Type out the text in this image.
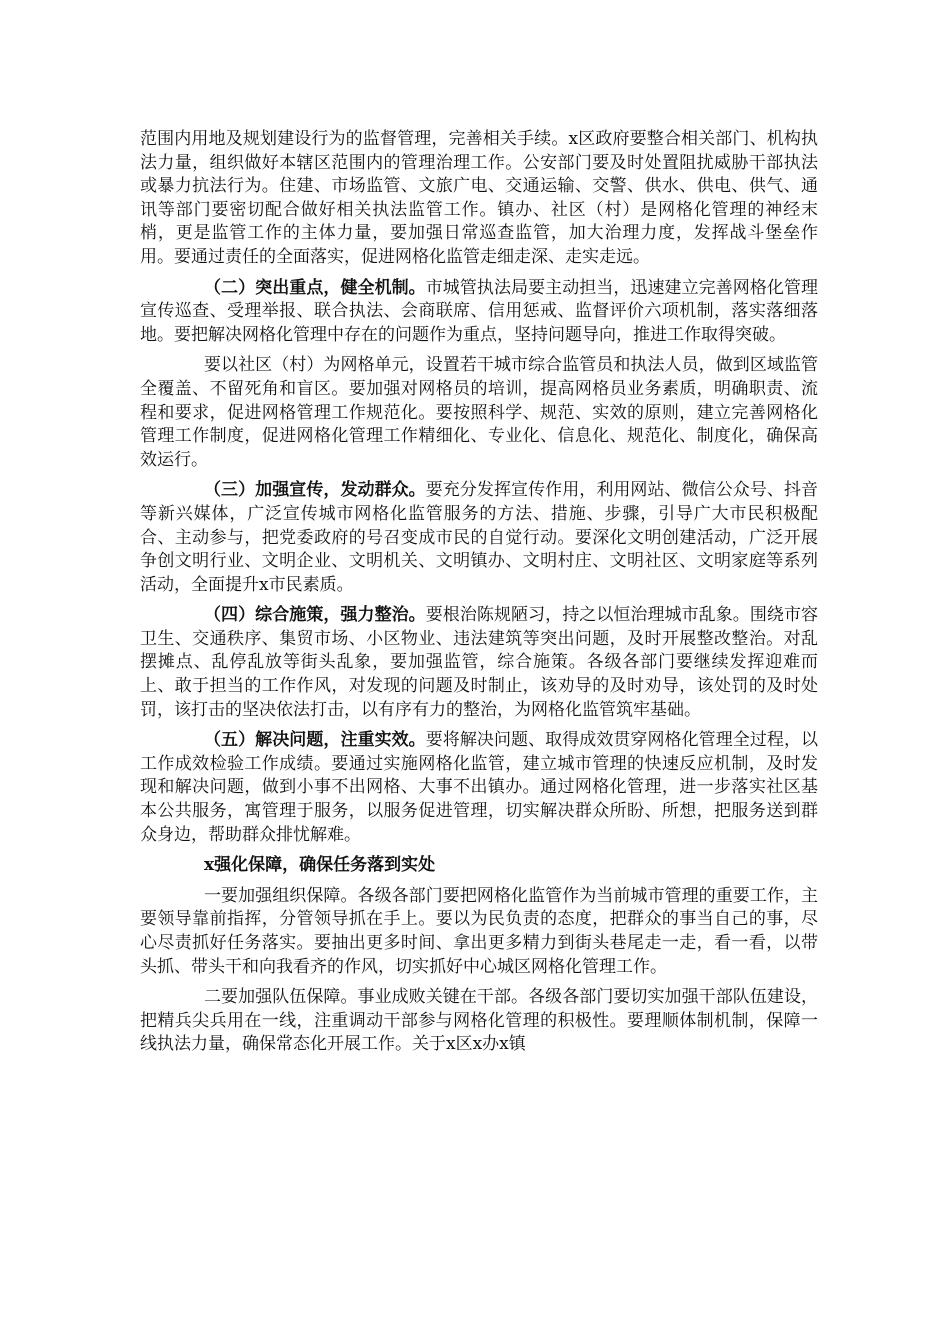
范围内用地及规划建设行为的监督管理，完善相关手续。x区政府要整合相关部门、机构执法力量，组织做好本辖区范围内的管理治理工作。公安部门要及时处置阻扰威胁干部执法或暴力抗法行为。住建、市场监管、文旅广电、交通运输、交警、供水、供电、供气、通讯等部门要密切配合做好相关执法监管工作。镇办、社区（村）是网格化管理的神经末梢，更是监管工作的主体力量，要加强日常巡查监管，加大治理力度，发挥战斗堡垒作用。要通过责任的全面落实，促进网格化监管走细走深、走实走远。

（二）突出重点，健全机制。市城管执法局要主动担当，迅速建立完善网格化管理宣传巡查、受理举报、联合执法、会商联席、信用惩戒、监督评价六项机制，落实落细落地。要把解决网格化管理中存在的问题作为重点，坚持问题导向，推进工作取得突破。

要以社区（村）为网格单元，设置若干城市综合监管员和执法人员，做到区域监管全覆盖、不留死角和盲区。要加强对网格员的培训，提高网格员业务素质，明确职责、流程和要求，促进网格管理工作规范化。要按照科学、规范、实效的原则，建立完善网格化管理工作制度，促进网格化管理工作精细化、专业化、信息化、规范化、制度化，确保高效运行。

（三）加强宣传，发动群众。要充分发挥宣传作用，利用网站、微信公众号、抖音等新兴媒体，广泛宣传城市网格化监管服务的方法、措施、步骤，引导广大市民积极配合、主动参与，把党委政府的号召变成市民的自觉行动。要深化文明创建活动，广泛开展争创文明行业、文明企业、文明机关、文明镇办、文明村庄、文明社区、文明家庭等系列活动，全面提升x市民素质。

（四）综合施策，强力整治。要根治陈规陋习，持之以恒治理城市乱象。围绕市容卫生、交通秩序、集贸市场、小区物业、违法建筑等突出问题，及时开展整改整治。对乱摆摊点、乱停乱放等街头乱象，要加强监管，综合施策。各级各部门要继续发挥迎难而上、敢于担当的工作作风，对发现的问题及时制止，该劝导的及时劝导，该处罚的及时处罚，该打击的坚决依法打击，以有序有力的整治，为网格化监管筑牢基础。

（五）解决问题，注重实效。要将解决问题、取得成效贯穿网格化管理全过程，以工作成效检验工作成绩。要通过实施网格化监管，建立城市管理的快速反应机制，及时发现和解决问题，做到小事不出网格、大事不出镇办。通过网格化管理，进一步落实社区基本公共服务，寓管理于服务，以服务促进管理，切实解决群众所盼、所想，把服务送到群众身边，帮助群众排忧解难。

x强化保障，确保任务落到实处

一要加强组织保障。各级各部门要把网格化监管作为当前城市管理的重要工作，主要领导靠前指挥，分管领导抓在手上。要以为民负责的态度，把群众的事当自己的事，尽心尽责抓好任务落实。要抽出更多时间、拿出更多精力到街头巷尾走一走，看一看，以带头抓、带头干和向我看齐的作风，切实抓好中心城区网格化管理工作。

二要加强队伍保障。事业成败关键在干部。各级各部门要切实加强干部队伍建设，把精兵尖兵用在一线，注重调动干部参与网格化管理的积极性。要理顺体制机制，保障一线执法力量，确保常态化开展工作。关于x区x办x镇
